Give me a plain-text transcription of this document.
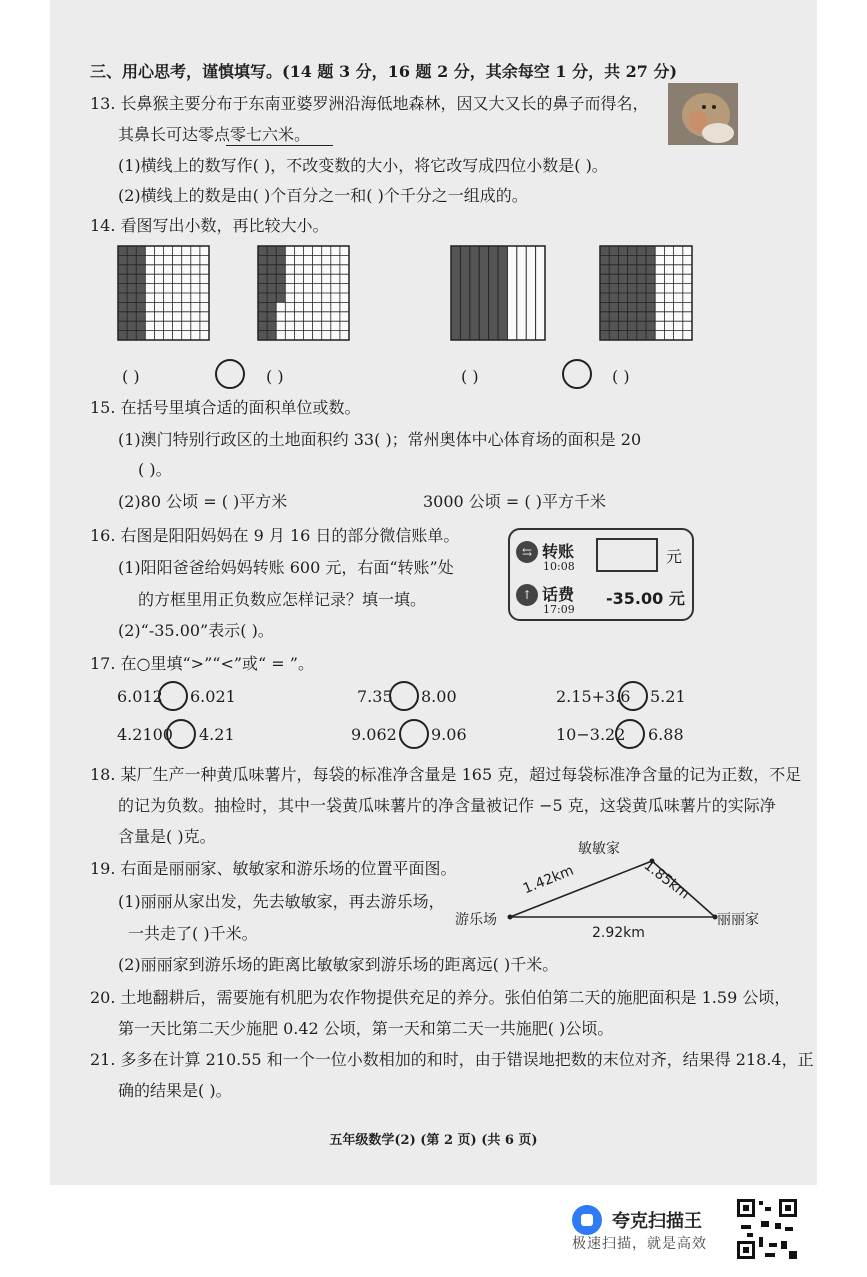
三、用心思考，谨慎填写。(14 题 3 分，16 题 2 分，其余每空 1 分，共 27 分)
13. 长鼻猴主要分布于东南亚婆罗洲沿海低地森林，因又大又长的鼻子而得名，
其鼻长可达零点零七六米。
(1)横线上的数写作( )，不改变数的大小，将它改写成四位小数是( )。
(2)横线上的数是由( )个百分之一和( )个千分之一组成的。
14. 看图写出小数，再比较大小。
( )	( )	( )	( )
15. 在括号里填合适的面积单位或数。
(1)澳门特别行政区的土地面积约 33( )；常州奥体中心体育场的面积是 20
( )。
(2)80 公顷 = ( )平方米	3000 公顷 = ( )平方千米
16. 右图是阳阳妈妈在 9 月 16 日的部分微信账单。
(1)阳阳爸爸给妈妈转账 600 元，右面“转账”处
的方框里用正负数应怎样记录？填一填。
(2)“-35.00”表示( )。
⇆ 转账
10:08
元
↑ 话费
17:09
-35.00 元
17. 在○里填“>”“<”或“ = ”。
6.012 6.021	7.35 8.00	2.15+3.6 5.21
4.2100 4.21	9.062 9.06	10−3.22 6.88
18. 某厂生产一种黄瓜味薯片，每袋的标准净含量是 165 克，超过每袋标准净含量的记为正数，不足
的记为负数。抽检时，其中一袋黄瓜味薯片的净含量被记作 −5 克，这袋黄瓜味薯片的实际净
含量是( )克。
19. 右面是丽丽家、敏敏家和游乐场的位置平面图。
(1)丽丽从家出发，先去敏敏家，再去游乐场，
一共走了( )千米。
(2)丽丽家到游乐场的距离比敏敏家到游乐场的距离远( )千米。
敏敏家
游乐场	丽丽家
1.42km	1.85km
2.92km
20. 土地翻耕后，需要施有机肥为农作物提供充足的养分。张伯伯第二天的施肥面积是 1.59 公顷，
第一天比第二天少施肥 0.42 公顷，第一天和第二天一共施肥( )公顷。
21. 多多在计算 210.55 和一个一位小数相加的和时，由于错误地把数的末位对齐，结果得 218.4，正
确的结果是( )。
五年级数学(2) (第 2 页) (共 6 页)
夸克扫描王
极速扫描，就是高效
